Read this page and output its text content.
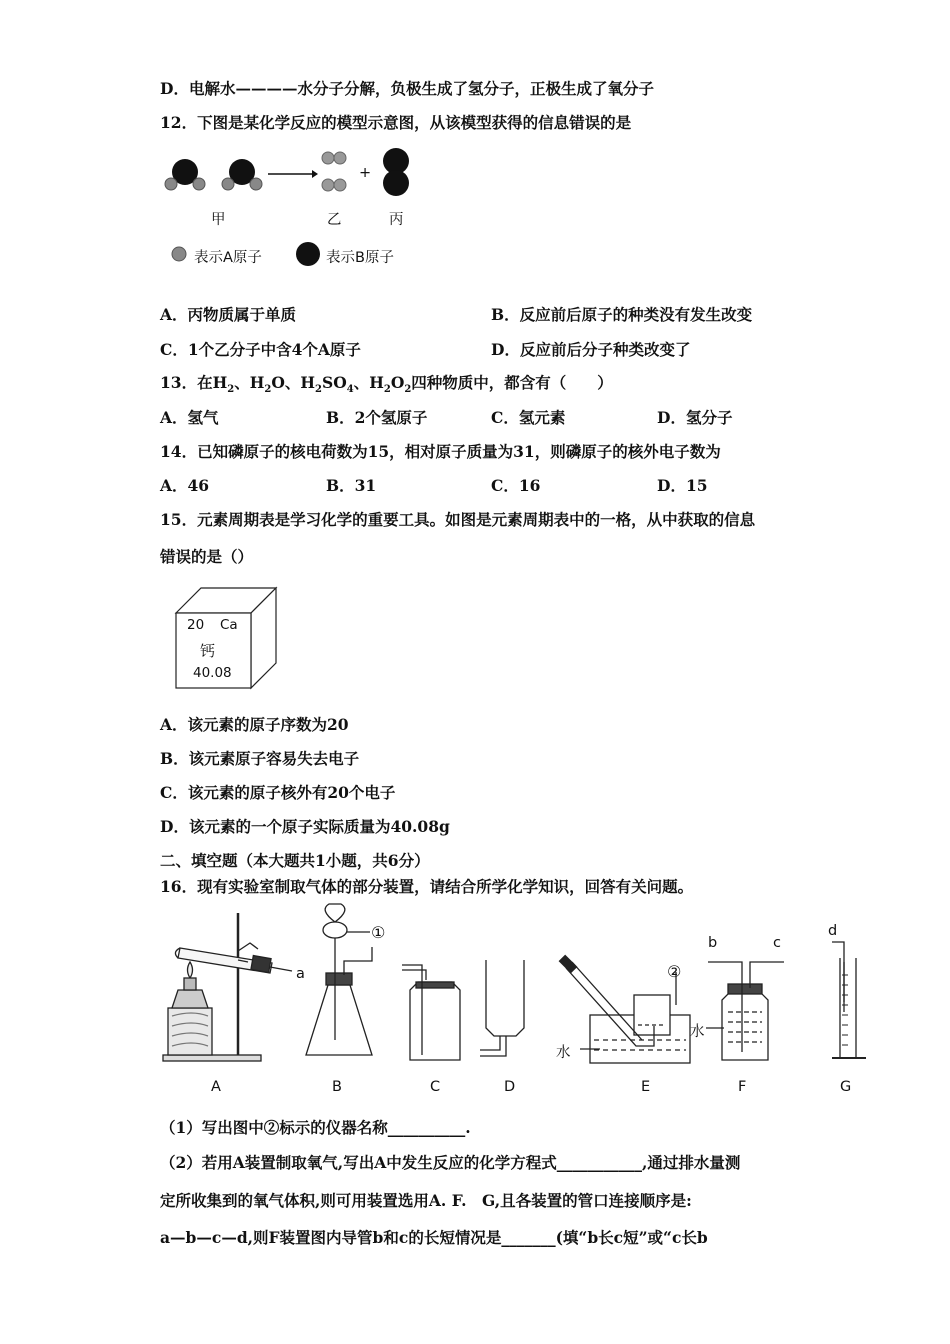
D．电解水————水分子分解，负极生成了氢分子，正极生成了氧分子
12．下图是某化学反应的模型示意图，从该模型获得的信息错误的是
+
甲	乙	丙
表示A原子	表示B原子
A．丙物质属于单质	B．反应前后原子的种类没有发生改变
C．1个乙分子中含4个A原子	D．反应前后分子种类改变了
13．在$H_2$、$H_2O$、$H_2SO_4$、$H_2O_2$四种物质中，都含有（　　）
A．氢气	B．2个氢原子	C．氢元素	D．氢分子
14．已知磷原子的核电荷数为15，相对原子质量为31，则磷原子的核外电子数为
A．46	B．31	C．16	D．15
15．元素周期表是学习化学的重要工具。如图是元素周期表中的一格，从中获取的信息
错误的是（）
20 Ca
钙
40.08
A．该元素的原子序数为20
B．该元素原子容易失去电子
C．该元素的原子核外有20个电子
D．该元素的一个原子实际质量为40.08g
二、填空题（本大题共1小题，共6分）
16．现有实验室制取气体的部分装置，请结合所学化学知识，回答有关问题。
a
①
②
水
水
b	c
d
A	B	C	D	E	F	G
（1）写出图中②标示的仪器名称__________.
（2）若用A装置制取氧气,写出A中发生反应的化学方程式___________,通过排水量测
定所收集到的氧气体积,则可用装置选用A. F.　G,且各装置的管口连接顺序是:
a—b—c—d,则F装置图内导管b和c的长短情况是_______(填“b长c短”或“c长b
